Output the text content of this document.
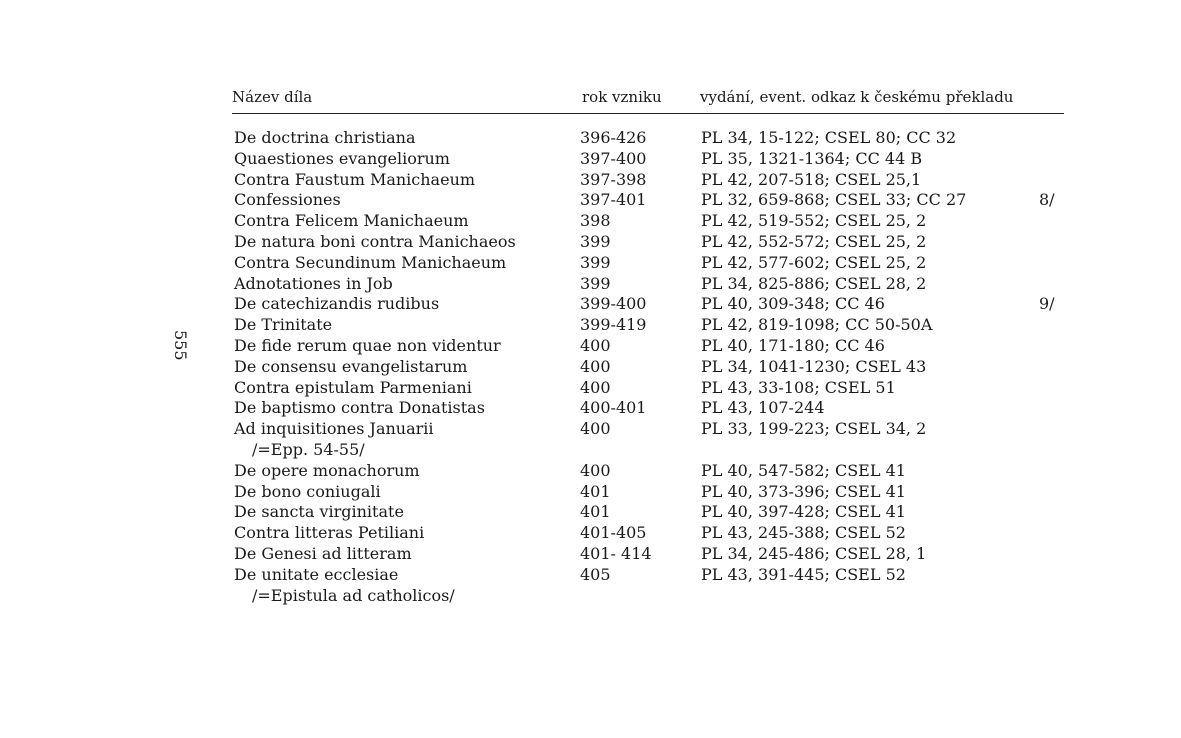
555
Název díla	rok vzniku	vydání, event. odkaz k českému překladu
De doctrina christiana	396-426	PL 34, 15-122; CSEL 80; CC 32
Quaestiones evangeliorum	397-400	PL 35, 1321-1364; CC 44 B
Contra Faustum Manichaeum	397-398	PL 42, 207-518; CSEL 25,1
Confessiones	397-401	PL 32, 659-868; CSEL 33; CC 27	8/
Contra Felicem Manichaeum	398	PL 42, 519-552; CSEL 25, 2
De natura boni contra Manichaeos	399	PL 42, 552-572; CSEL 25, 2
Contra Secundinum Manichaeum	399	PL 42, 577-602; CSEL 25, 2
Adnotationes in Job	399	PL 34, 825-886; CSEL 28, 2
De catechizandis rudibus	399-400	PL 40, 309-348; CC 46	9/
De Trinitate	399-419	PL 42, 819-1098; CC 50-50A
De fide rerum quae non videntur	400	PL 40, 171-180; CC 46
De consensu evangelistarum	400	PL 34, 1041-1230; CSEL 43
Contra epistulam Parmeniani	400	PL 43, 33-108; CSEL 51
De baptismo contra Donatistas	400-401	PL 43, 107-244
Ad inquisitiones Januarii	400	PL 33, 199-223; CSEL 34, 2
/=Epp. 54-55/
De opere monachorum	400	PL 40, 547-582; CSEL 41
De bono coniugali	401	PL 40, 373-396; CSEL 41
De sancta virginitate	401	PL 40, 397-428; CSEL 41
Contra litteras Petiliani	401-405	PL 43, 245-388; CSEL 52
De Genesi ad litteram	401- 414	PL 34, 245-486; CSEL 28, 1
De unitate ecclesiae	405	PL 43, 391-445; CSEL 52
/=Epistula ad catholicos/
